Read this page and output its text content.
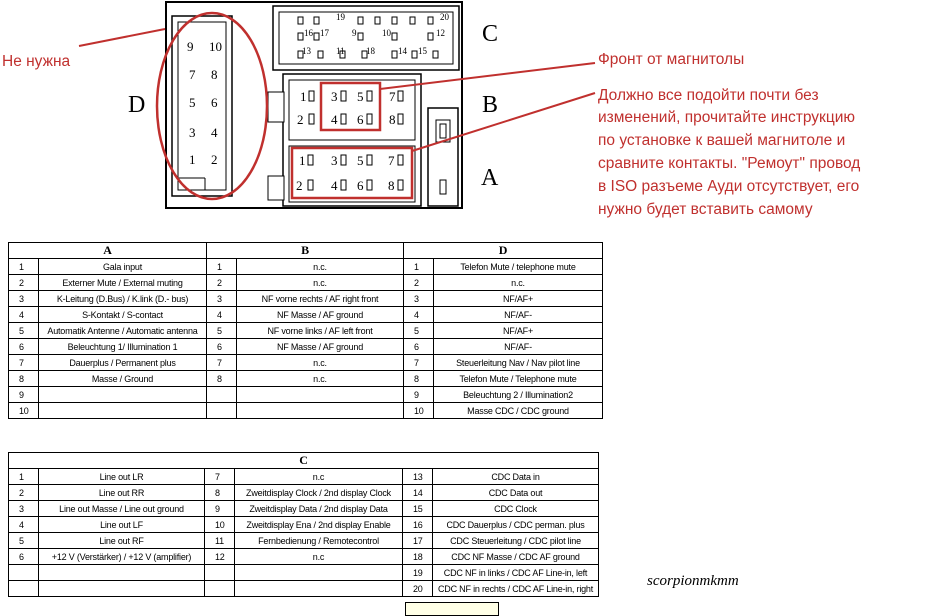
9 10
7 8
5 6
3 4
1 2
D
10
11
13	14 15
9	12
16 17
18
19	20
C
1 3 5 7
2 4 6 8
B
1 3 5 7
2 4 6 8	A
Не нужна	Фронт от магнитолы
Должно все подойти почти без
изменений, прочитайте инструкцию
по установке к вашей магнитоле и
сравните контакты. "Ремоут" провод
в ISO разъеме Ауди отсутствует, его
нужно будет вставить самому
A		B		D	
1	Gala input	1	n.c.	1	Telefon Mute / telephone mute
2	Externer Mute / External muting	2	n.c.	2	n.c.
3	K-Leitung (D.Bus) / K.link (D.- bus)	3	NF vorne rechts / AF right front	3	NF/AF+
4	S-Kontakt / S-contact	4	NF Masse / AF ground	4	NF/AF-
5	Automatik Antenne / Automatic antenna	5	NF vorne links / AF left front	5	NF/AF+
6	Beleuchtung 1/ Illumination 1	6	NF Masse / AF ground	6	NF/AF-
7	Dauerplus / Permanent plus	7	n.c.	7	Steuerleitung Nav / Nav pilot line
8	Masse / Ground	8	n.c.	8	Telefon Mute / Telephone mute
9				9	Beleuchtung 2 / Illumination2
10				10	Masse CDC / CDC ground
C					
1	Line out LR	7	n.c	13	CDC Data in
2	Line out RR	8	Zweitdisplay Clock / 2nd display Clock	14	CDC Data out
3	Line out Masse / Line out ground	9	Zweitdisplay Data / 2nd display Data	15	CDC Clock
4	Line out LF	10	Zweitdisplay Ena / 2nd display Enable	16	CDC Dauerplus / CDC perman. plus
5	Line out RF	11	Fernbedienung / Remotecontrol	17	CDC Steuerleitung / CDC pilot line
6	+12 V (Verstärker) / +12 V (amplifier)	12	n.c	18	CDC NF Masse / CDC AF ground
				19	CDC NF in links / CDC AF Line-in, left
				20	CDC NF in rechts / CDC AF Line-in, right	scorpionmkmm
